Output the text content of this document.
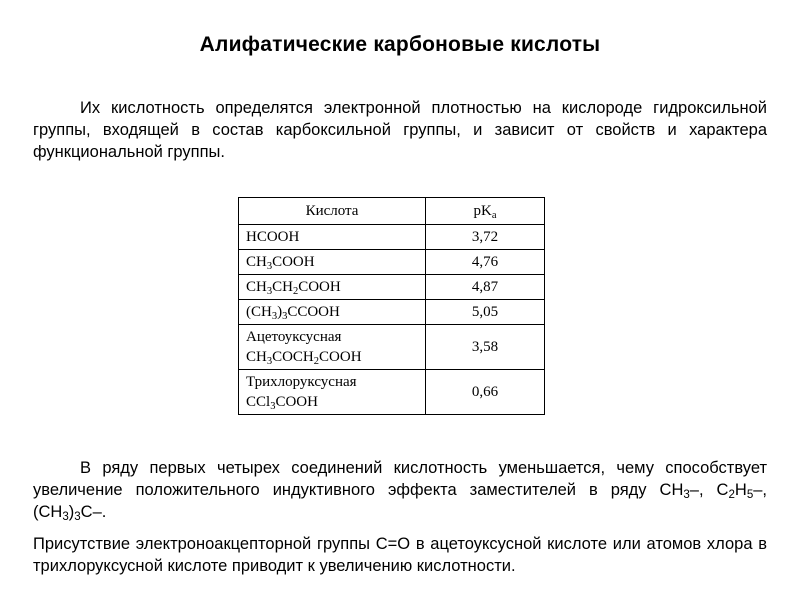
Алифатические карбоновые кислоты

Их кислотность определятся электронной плотностью на кислороде гидроксильной группы, входящей в состав карбоксильной группы, и зависит от свойств и характера функциональной группы.

Кислота	$pK_а$
HCOOH	3,72
$CH_3COOH$	4,76
$CH_3CH_2COOH$	4,87
$(CH_3)_3CCOOH$	5,05

Ацетоуксусная
$CH_3COCH_2COOH$	3,58

Трихлоруксусная
CCl$_3$COOH	0,66

В ряду первых четырех соединений кислотность уменьшается, чему способствует увеличение положительного индуктивного эффекта заместителей в ряду $CH_3-$, $C_2H_5-$, $(CH_3)_3C-$.

Присутствие электроноакцепторной группы С=О в ацетоуксусной кислоте или атомов хлора в трихлоруксусной кислоте приводит к увеличению кислотности.
